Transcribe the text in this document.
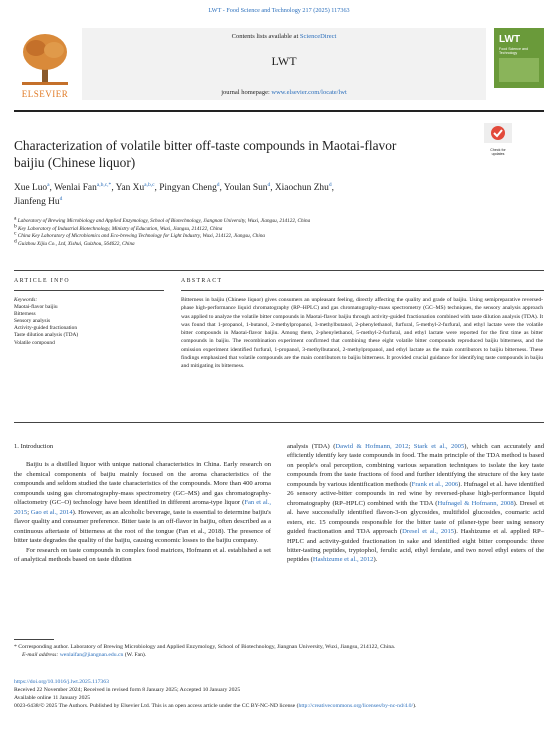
LWT - Food Science and Technology 217 (2025) 117363
ELSEVIER
Contents lists available at ScienceDirect
LWT
journal homepage: www.elsevier.com/locate/lwt
LWT
Food Science and Technology
Characterization of volatile bitter off-taste compounds in Maotai-flavor
baijiu (Chinese liquor)
Check for
updates
Xue Luo$^a$, Wenlai Fan$^{a,b,c,*}$, Yan Xu$^{a,b,c}$, Pingyan Cheng$^d$, Youlan Sun$^d$, Xiaochun Zhu$^d$,
Jianfeng Hu$^d$
$^a$ Laboratory of Brewing Microbiology and Applied Enzymology, School of Biotechnology, Jiangnan University, Wuxi, Jiangsu, 214122, China
$^b$ Key Laboratory of Industrial Biotechnology, Ministry of Education, Wuxi, Jiangsu, 214122, China
$^c$ China Key Laboratory of Microbiomics and Eco-brewing Technology for Light Industry, Wuxi, 214122, Jiangsu, China
$^d$ Guizhou Xijiu Co., Ltd, Xishui, Guizhou, 564622, China
ARTICLE INFO	ABSTRACT
Keywords:
Maotai-flavor baijiu
Bitterness
Sensory analysis
Activity-guided fractionation
Taste dilution analysis (TDA)
Volatile compound
Bitterness in baijiu (Chinese liquor) gives consumers an unpleasant feeling, directly affecting the quality and grade of baijiu. Using semipreparative reversed-phase high-performance liquid chromatography (RP–HPLC) and gas chromatography-mass spectrometry (GC–MS) techniques, the sensory analysis approach was applied to analyze the volatile bitter compounds in Maotai-flavor baijiu through activity-guided fractionation combined with taste dilution analysis (TDA). It was found that 1-propanol, 1-butanol, 2-methylpropanol, 3-methylbutanol, 2-phenylethanol, furfural, 5-methyl-2-furfural, and ethyl lactate were the volatile bitter compounds in Maotai-flavor baijiu. Among them, 2-phenylethanol, 5-methyl-2-furfural, and ethyl lactate were reported for the first time as bitter compounds in baijiu. The recombination experiment confirmed that combining these eight volatile bitter compounds reproduced baijiu bitterness, and the omission experiment identified furfural, 1-propanol, 3-methylbutanol, 2-methylpropanol, and ethyl lactate as the main contributors to baijiu bitterness. These findings emphasized that volatile compounds are the main contributors to baijiu bitterness. It provided crucial guidance for identifying taste compounds in baijiu and mitigating its bitterness.

1. Introduction

Baijiu is a distilled liquor with unique national characteristics in China. Early research on the chemical components of baijiu mainly focused on the aroma characteristics of the compounds and seldom studied the taste characteristics of the compounds. More than 400 aroma compounds using gas chromatography-mass spectrometry (GC–MS) and gas chromatography-olfactometry (GC–O) technology have been identified in different aroma-type liquor (Fan et al., 2015; Gao et al., 2014). However, as an alcoholic beverage, taste is essential to determine baijiu's flavor quality and consumer preference. Bitter taste is an off-flavor in baijiu, often described as a continuous aftertaste of bitterness at the root of the tongue (Fan et al., 2018). The presence of bitter taste degrades the quality of the baijiu, causing economic losses to the baijiu company.

For research on taste compounds in complex food matrices, Hofmann et al. established a set of analytical methods based on taste dilution

analysis (TDA) (Dawid & Hofmann, 2012; Stark et al., 2005), which can accurately and efficiently identify key taste compounds in food. The main principle of the TDA method is based on people's oral perception, combining various separation techniques to isolate the key taste compounds from the taste fractions of food and further identifying the structure of the key taste compounds by various identification methods (Frank et al., 2006). Hufnagel et al. have identified 26 sensory active-bitter compounds in red wine by reversed-phase high-performance liquid chromatography (RP–HPLC) combined with the TDA (Hufnagel & Hofmann, 2008). Dresel et al. have successfully identified flavon-3-on glycosides, multifidol glucosides, coumaric acid esters, etc. 15 compounds responsible for the bitter taste of pilsner-type beer using sensory guided fractionation and TDA approach (Dresel et al., 2015). Hashizume et al. applied RP–HPLC and activity-guided fractionation in sake and identified eight bitter compounds: three bitter-tasting peptides, tryptophol, ferulic acid, ethyl ferulate, and two novel ethyl esters of the peptides (Hashizume et al., 2012).

* Corresponding author. Laboratory of Brewing Microbiology and Applied Enzymology, School of Biotechnology, Jiangnan University, Wuxi, Jiangsu, 214122, China.
E-mail address: wenlaifan@jiangnan.edu.cn (W. Fan).
https://doi.org/10.1016/j.lwt.2025.117363
Received 22 November 2024; Received in revised form 8 January 2025; Accepted 10 January 2025
Available online 11 January 2025
0023-6438/© 2025 The Authors. Published by Elsevier Ltd. This is an open access article under the CC BY-NC-ND license (http://creativecommons.org/licenses/by-nc-nd/4.0/).
